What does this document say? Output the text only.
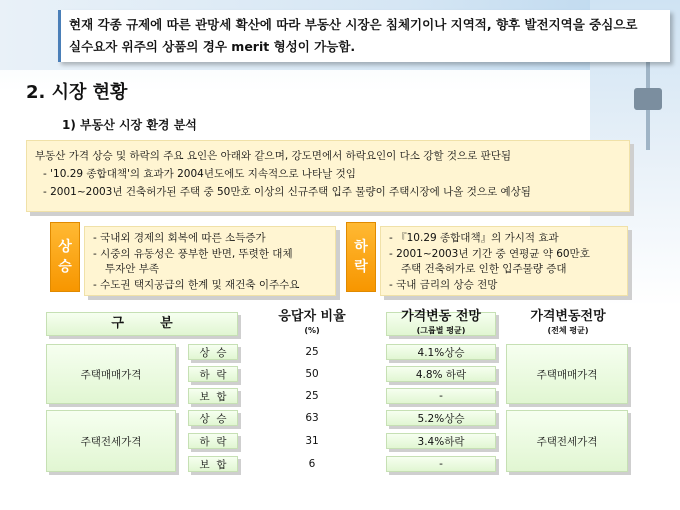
현재 각종 규제에 따른 관망세 확산에 따라 부동산 시장은 침체기이나 지역적, 향후 발전지역을 중심으로
실수요자 위주의 상품의 경우 merit 형성이 가능함.
2. 시장 현황
1) 부동산 시장 환경 분석
부동산 가격 상승 및 하락의 주요 요인은 아래와 같으며, 강도면에서 하락요인이 다소 강할 것으로 판단됨
- '10.29 종합대책'의 효과가 2004년도에도 지속적으로 나타날 것임
- 2001~2003년 건축허가된 주택 중 50만호 이상의 신규주택 입주 물량이 주택시장에 나올 것으로 예상됨
상
승
- 국내외 경제의 회복에 따른 소득증가
- 시중의 유동성은 풍부한 반면, 뚜렷한 대체
투자안 부족
- 수도권 택지공급의 한계 및 재건축 이주수요
하
락
- 『10.29 종합대책』의 가시적 효과
- 2001~2003년 기간 중 연평균 약 60만호
주택 건축허가로 인한 입주물량 증대
- 국내 금리의 상승 전망
구        분	응답자 비율
(%)
가격변동 전망
(그룹별 평균)
가격변동전망
(전체 평균)
주택매매가격
상  승
하  락
보  합
25
50
25
4.1%상승
4.8% 하락
-
주택매매가격
주택전세가격
상  승
하  락
보  합
63
31
6
5.2%상승
3.4%하락
-
주택전세가격
